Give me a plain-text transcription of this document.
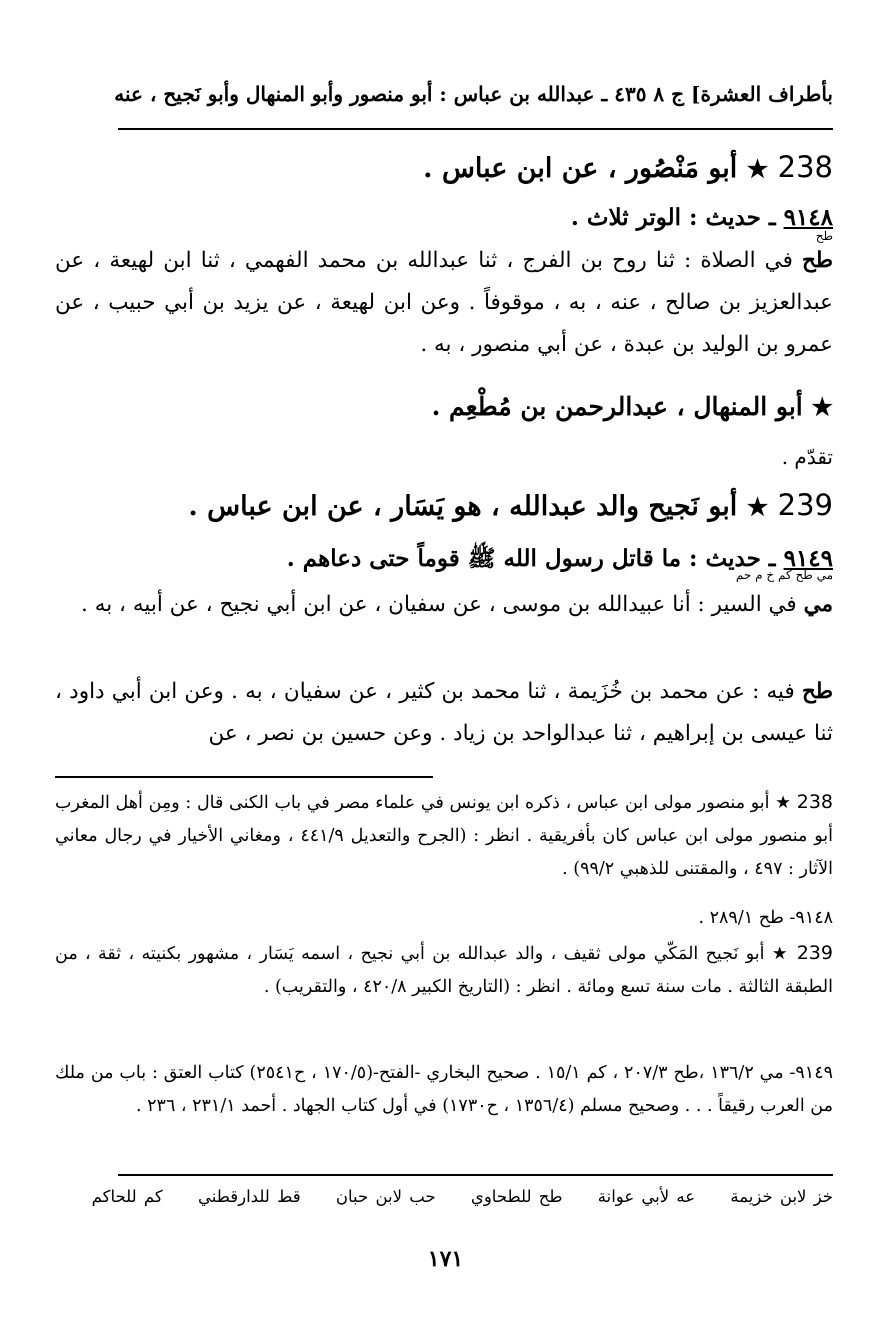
بأطراف العشرة] ج ٨ ٤٣٥ ـ عبدالله بن عباس : أبو منصور وأبو المنهال وأبو نَجيح ، عنه
238 ★ أبو مَنْصُور ، عن ابن عباس .
٩١٤٨ ـ حديث : الوتر ثلاث .
طح
طح في الصلاة : ثنا روح بن الفرج ، ثنا عبدالله بن محمد الفهمي ، ثنا ابن لهيعة ، عن عبدالعزيز بن صالح ، عنه ، به ، موقوفاً . وعن ابن لهيعة ، عن يزيد بن أبي حبيب ، عن عمرو بن الوليد بن عبدة ، عن أبي منصور ، به .
★ أبو المنهال ، عبدالرحمن بن مُطْعِم .
تقدّم .
239 ★ أبو نَجيح والد عبدالله ، هو يَسَار ، عن ابن عباس .
٩١٤٩ ـ حديث : ما قاتل رسول الله ﷺ قوماً حتى دعاهم .
مي طح كم خ م حم
مي في السير : أنا عبيدالله بن موسى ، عن سفيان ، عن ابن أبي نجيح ، عن أبيه ، به .
طح فيه : عن محمد بن خُزَيمة ، ثنا محمد بن كثير ، عن سفيان ، به . وعن ابن أبي داود ، ثنا عيسى بن إبراهيم ، ثنا عبدالواحد بن زياد . وعن حسين بن نصر ، عن
238 ★ أبو منصور مولى ابن عباس ، ذكره ابن يونس في علماء مصر في باب الكنى قال : ومِن أهل المغرب أبو منصور مولى ابن عباس كان بأفريقية . انظر : (الجرح والتعديل ٤٤١/٩ ، ومغاني الأخيار في رجال معاني الآثار : ٤٩٧ ، والمقتنى للذهبي ٩٩/٢) .
٩١٤٨- طح ٢٨٩/١ .
239 ★ أبو نَجيح المَكّي مولى ثقيف ، والد عبدالله بن أبي نجيح ، اسمه يَسَار ، مشهور بكنيته ، ثقة ، من الطبقة الثالثة . مات سنة تسع ومائة . انظر : (التاريخ الكبير ٤٢٠/٨ ، والتقريب) .
٩١٤٩- مي ١٣٦/٢ ،طح ٢٠٧/٣ ، كم ١٥/١ . صحيح البخاري -الفتح-(١٧٠/٥ ، ح٢٥٤١) كتاب العتق : باب من ملك من العرب رقيقاً . . . وصحيح مسلم (١٣٥٦/٤ ، ح١٧٣٠) في أول كتاب الجهاد . أحمد ٢٣١/١ ، ٢٣٦ .
خز لابن خزيمة عه لأبي عوانة طح للطحاوي حب لابن حبان قط للدارقطني كم للحاكم
١٧١
